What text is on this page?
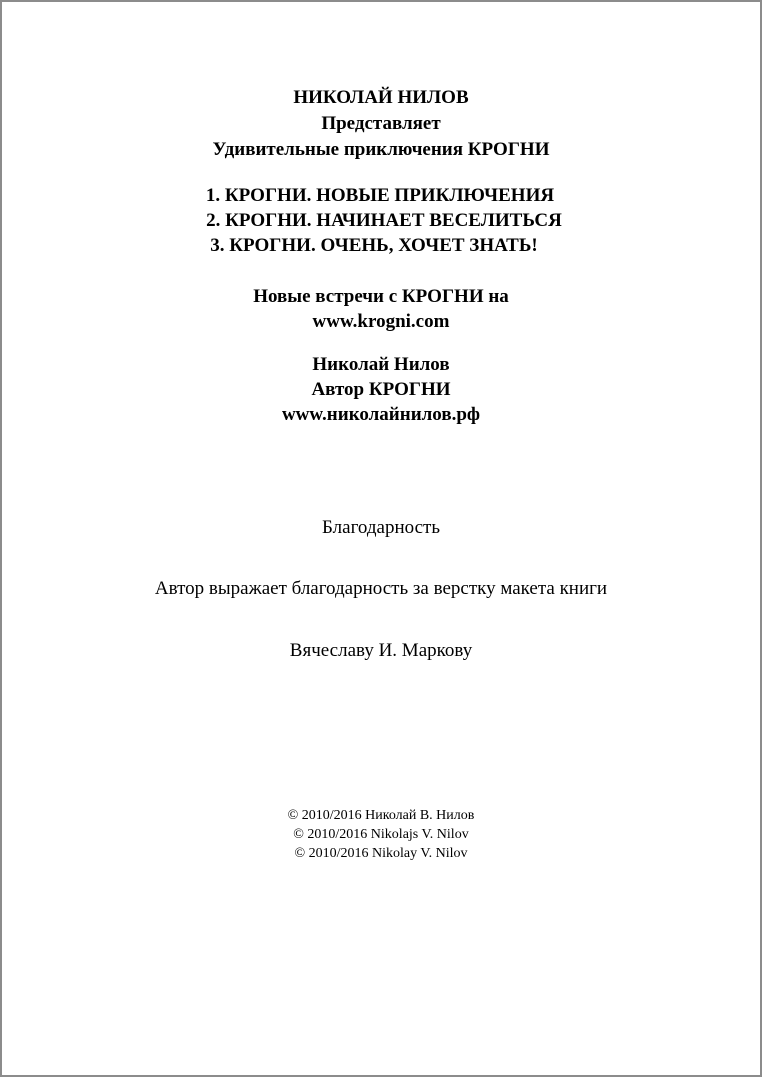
НИКОЛАЙ НИЛОВ
Представляет
Удивительные приключения КРОГНИ
1. КРОГНИ. НОВЫЕ ПРИКЛЮЧЕНИЯ
2. КРОГНИ. НАЧИНАЕТ ВЕСЕЛИТЬСЯ
3. КРОГНИ. ОЧЕНЬ, ХОЧЕТ ЗНАТЬ!
Новые встречи с КРОГНИ на
www.krogni.com
Николай Нилов
Автор КРОГНИ
www.николайнилов.рф
Благодарность
Автор выражает благодарность за верстку макета книги
Вячеславу И. Маркову
© 2010/2016 Николай В. Нилов
© 2010/2016 Nikolajs V. Nilov
© 2010/2016 Nikolay V. Nilov
